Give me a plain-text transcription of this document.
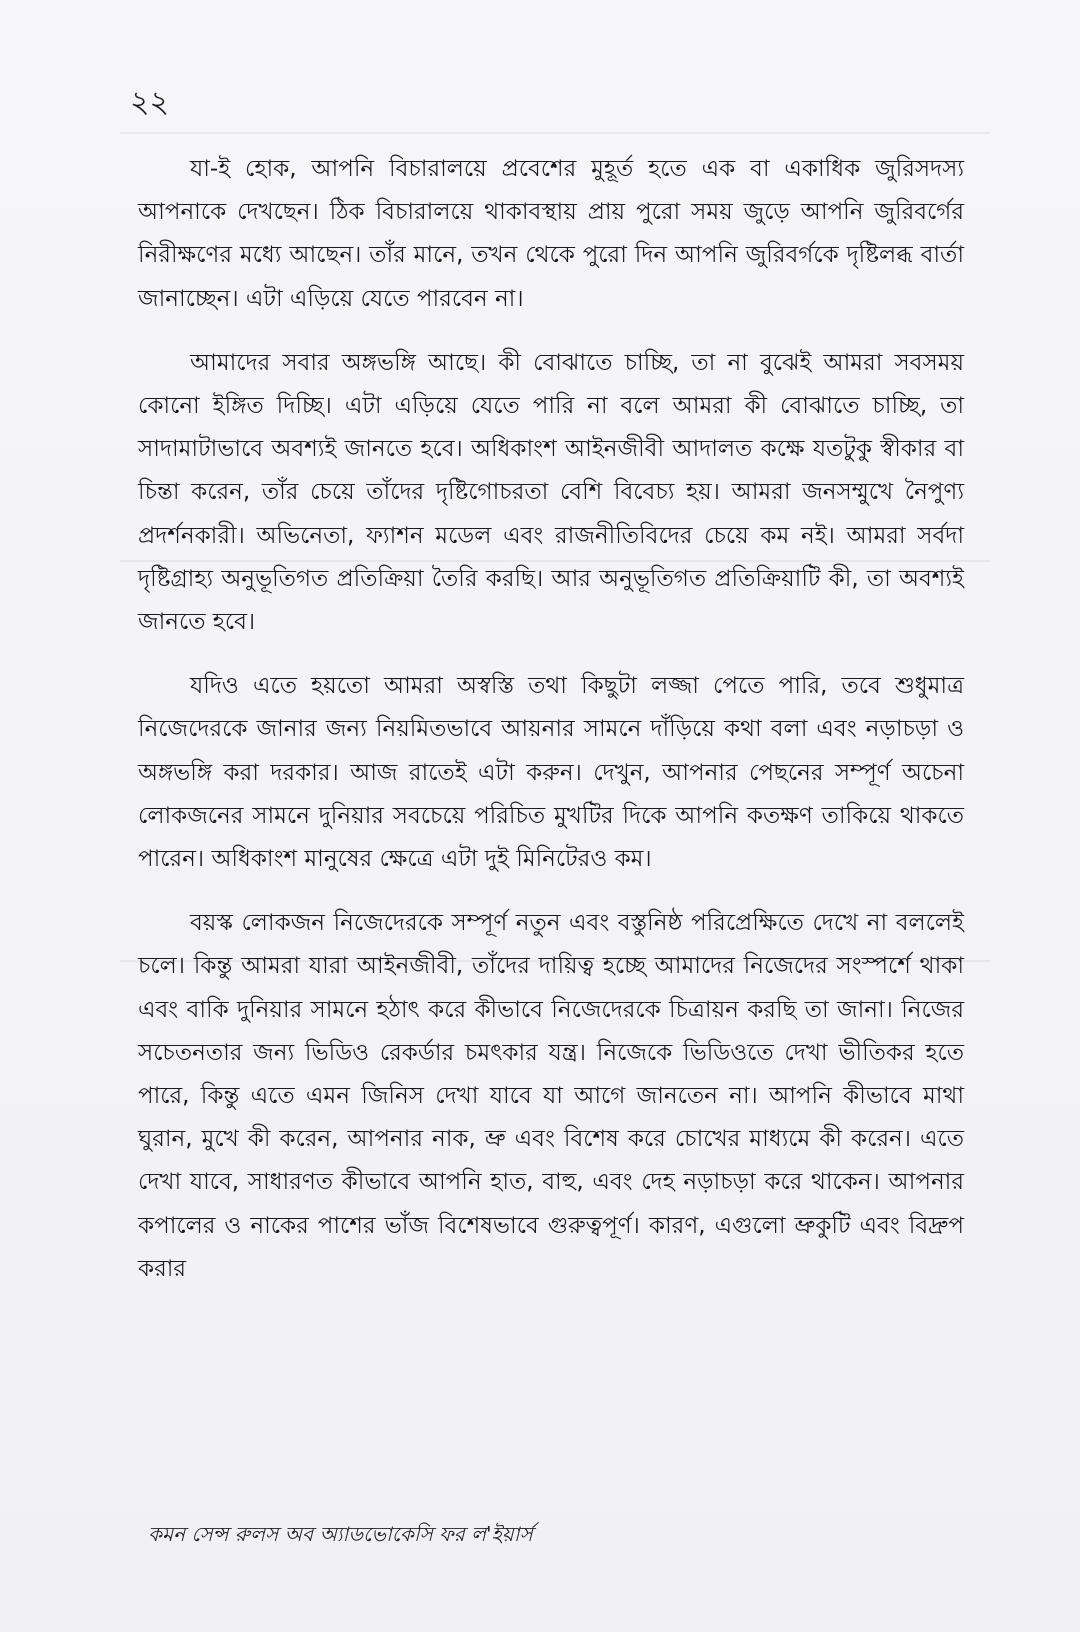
২২

যা-ই হোক, আপনি বিচারালয়ে প্রবেশের মুহূর্ত হতে এক বা একাধিক জুরিসদস্য আপনাকে দেখছেন। ঠিক বিচারালয়ে থাকাবস্থায় প্রায় পুরো সময় জুড়ে আপনি জুরিবর্গের নিরীক্ষণের মধ্যে আছেন। তাঁর মানে, তখন থেকে পুরো দিন আপনি জুরিবর্গকে দৃষ্টিলব্ধ বার্তা জানাচ্ছেন। এটা এড়িয়ে যেতে পারবেন না।

আমাদের সবার অঙ্গভঙ্গি আছে। কী বোঝাতে চাচ্ছি, তা না বুঝেই আমরা সবসময় কোনো ইঙ্গিত দিচ্ছি। এটা এড়িয়ে যেতে পারি না বলে আমরা কী বোঝাতে চাচ্ছি, তা সাদামাটাভাবে অবশ্যই জানতে হবে। অধিকাংশ আইনজীবী আদালত কক্ষে যতটুকু স্বীকার বা চিন্তা করেন, তাঁর চেয়ে তাঁদের দৃষ্টিগোচরতা বেশি বিবেচ্য হয়। আমরা জনসম্মুখে নৈপুণ্য প্রদর্শনকারী। অভিনেতা, ফ্যাশন মডেল এবং রাজনীতিবিদের চেয়ে কম নই। আমরা সর্বদা দৃষ্টিগ্রাহ্য অনুভূতিগত প্রতিক্রিয়া তৈরি করছি। আর অনুভূতিগত প্রতিক্রিয়াটি কী, তা অবশ্যই জানতে হবে।

যদিও এতে হয়তো আমরা অস্বস্তি তথা কিছুটা লজ্জা পেতে পারি, তবে শুধুমাত্র নিজেদেরকে জানার জন্য নিয়মিতভাবে আয়নার সামনে দাঁড়িয়ে কথা বলা এবং নড়াচড়া ও অঙ্গভঙ্গি করা দরকার। আজ রাতেই এটা করুন। দেখুন, আপনার পেছনের সম্পূর্ণ অচেনা লোকজনের সামনে দুনিয়ার সবচেয়ে পরিচিত মুখটির দিকে আপনি কতক্ষণ তাকিয়ে থাকতে পারেন। অধিকাংশ মানুষের ক্ষেত্রে এটা দুই মিনিটেরও কম।

বয়স্ক লোকজন নিজেদেরকে সম্পূর্ণ নতুন এবং বস্তুনিষ্ঠ পরিপ্রেক্ষিতে দেখে না বললেই চলে। কিন্তু আমরা যারা আইনজীবী, তাঁদের দায়িত্ব হচ্ছে আমাদের নিজেদের সংস্পর্শে থাকা এবং বাকি দুনিয়ার সামনে হঠাৎ করে কীভাবে নিজেদেরকে চিত্রায়ন করছি তা জানা। নিজের সচেতনতার জন্য ভিডিও রেকর্ডার চমৎকার যন্ত্র। নিজেকে ভিডিওতে দেখা ভীতিকর হতে পারে, কিন্তু এতে এমন জিনিস দেখা যাবে যা আগে জানতেন না। আপনি কীভাবে মাথা ঘুরান, মুখে কী করেন, আপনার নাক, ভ্রু এবং বিশেষ করে চোখের মাধ্যমে কী করেন। এতে দেখা যাবে, সাধারণত কীভাবে আপনি হাত, বাহু, এবং দেহ নড়াচড়া করে থাকেন। আপনার কপালের ও নাকের পাশের ভাঁজ বিশেষভাবে গুরুত্বপূর্ণ। কারণ, এগুলো ভ্রুকুটি এবং বিদ্রুপ করার

কমন সেন্স রুলস অব অ্যাডভোকেসি ফর ল'ইয়ার্স
